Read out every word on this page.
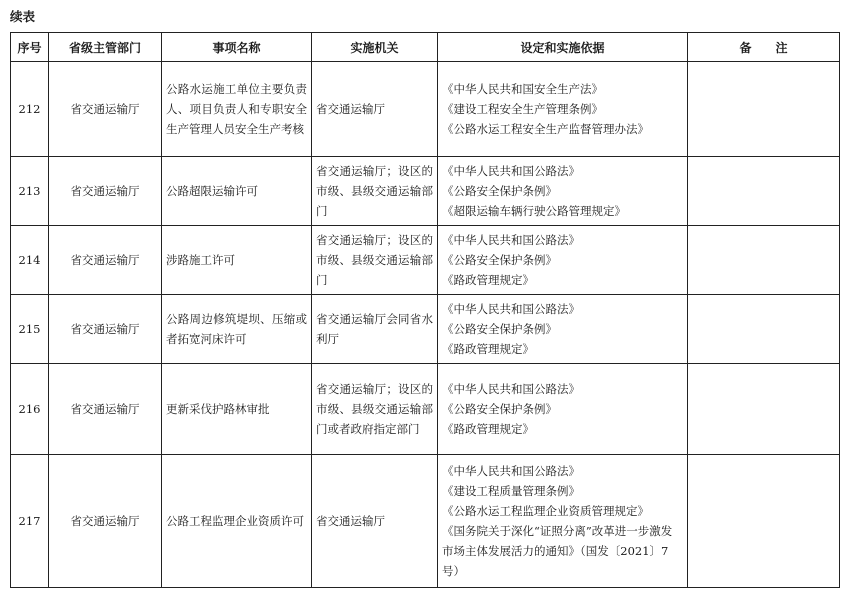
续表
序号	省级主管部门	事项名称	实施机关	设定和实施依据	备　　注
212	省交通运输厅	公路水运施工单位主要负责人、项目负责人和专职安全生产管理人员安全生产考核	省交通运输厅	《中华人民共和国安全生产法》
《建设工程安全生产管理条例》
《公路水运工程安全生产监督管理办法》	

213	省交通运输厅	公路超限运输许可	省交通运输厅；设区的市级、县级交通运输部门	《中华人民共和国公路法》
《公路安全保护条例》
《超限运输车辆行驶公路管理规定》	

214	省交通运输厅	涉路施工许可	省交通运输厅；设区的市级、县级交通运输部门	《中华人民共和国公路法》
《公路安全保护条例》
《路政管理规定》	

215	省交通运输厅	公路周边修筑堤坝、压缩或者拓宽河床许可	省交通运输厅会同省水利厅	《中华人民共和国公路法》
《公路安全保护条例》
《路政管理规定》	

216	省交通运输厅	更新采伐护路林审批	省交通运输厅；设区的市级、县级交通运输部门或者政府指定部门	《中华人民共和国公路法》
《公路安全保护条例》
《路政管理规定》	

217	省交通运输厅	公路工程监理企业资质许可	省交通运输厅	《中华人民共和国公路法》
《建设工程质量管理条例》
《公路水运工程监理企业资质管理规定》
《国务院关于深化“证照分离”改革进一步激发市场主体发展活力的通知》（国发〔2021〕7号）	
